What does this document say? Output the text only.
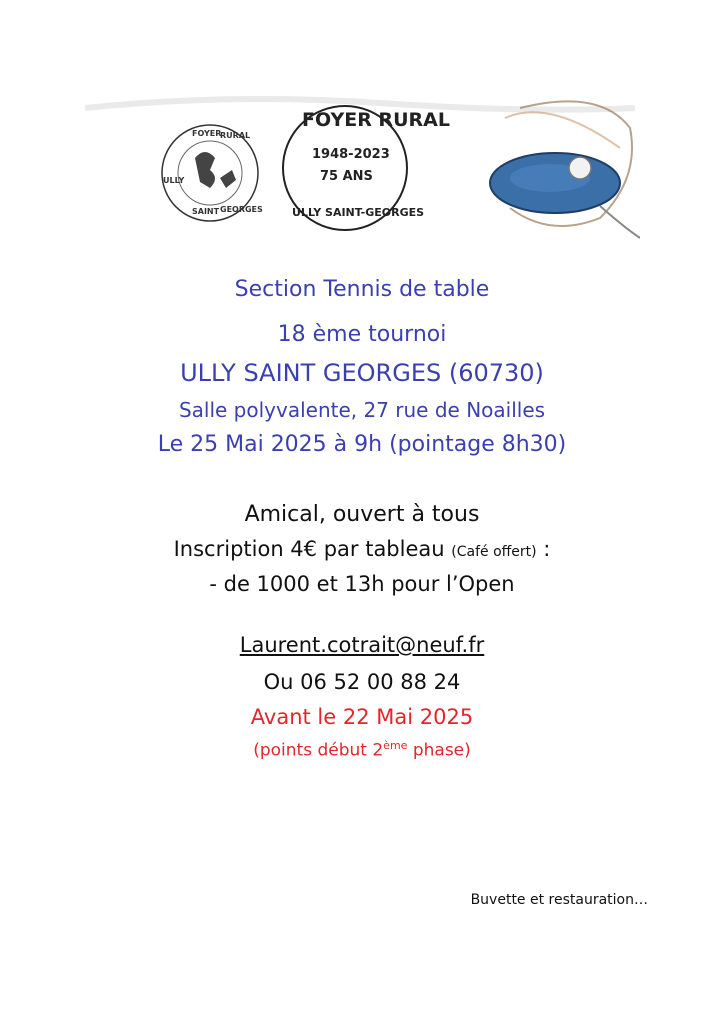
FOYER
RURAL
ULLY
SAINT GEORGES
FOYER RURAL
1948-2023
75 ANS
ULLY SAINT-GEORGES
Section Tennis de table
18 ème tournoi
ULLY SAINT GEORGES (60730)
Salle polyvalente, 27 rue de Noailles
Le 25 Mai 2025 à 9h (pointage 8h30)
Amical, ouvert à tous
Inscription 4€ par tableau (Café offert) :
- de 1000 et 13h pour l’Open
Laurent.cotrait@neuf.fr
Ou 06 52 00 88 24
Avant le 22 Mai 2025
(points début 2ème phase)
Buvette et restauration…
